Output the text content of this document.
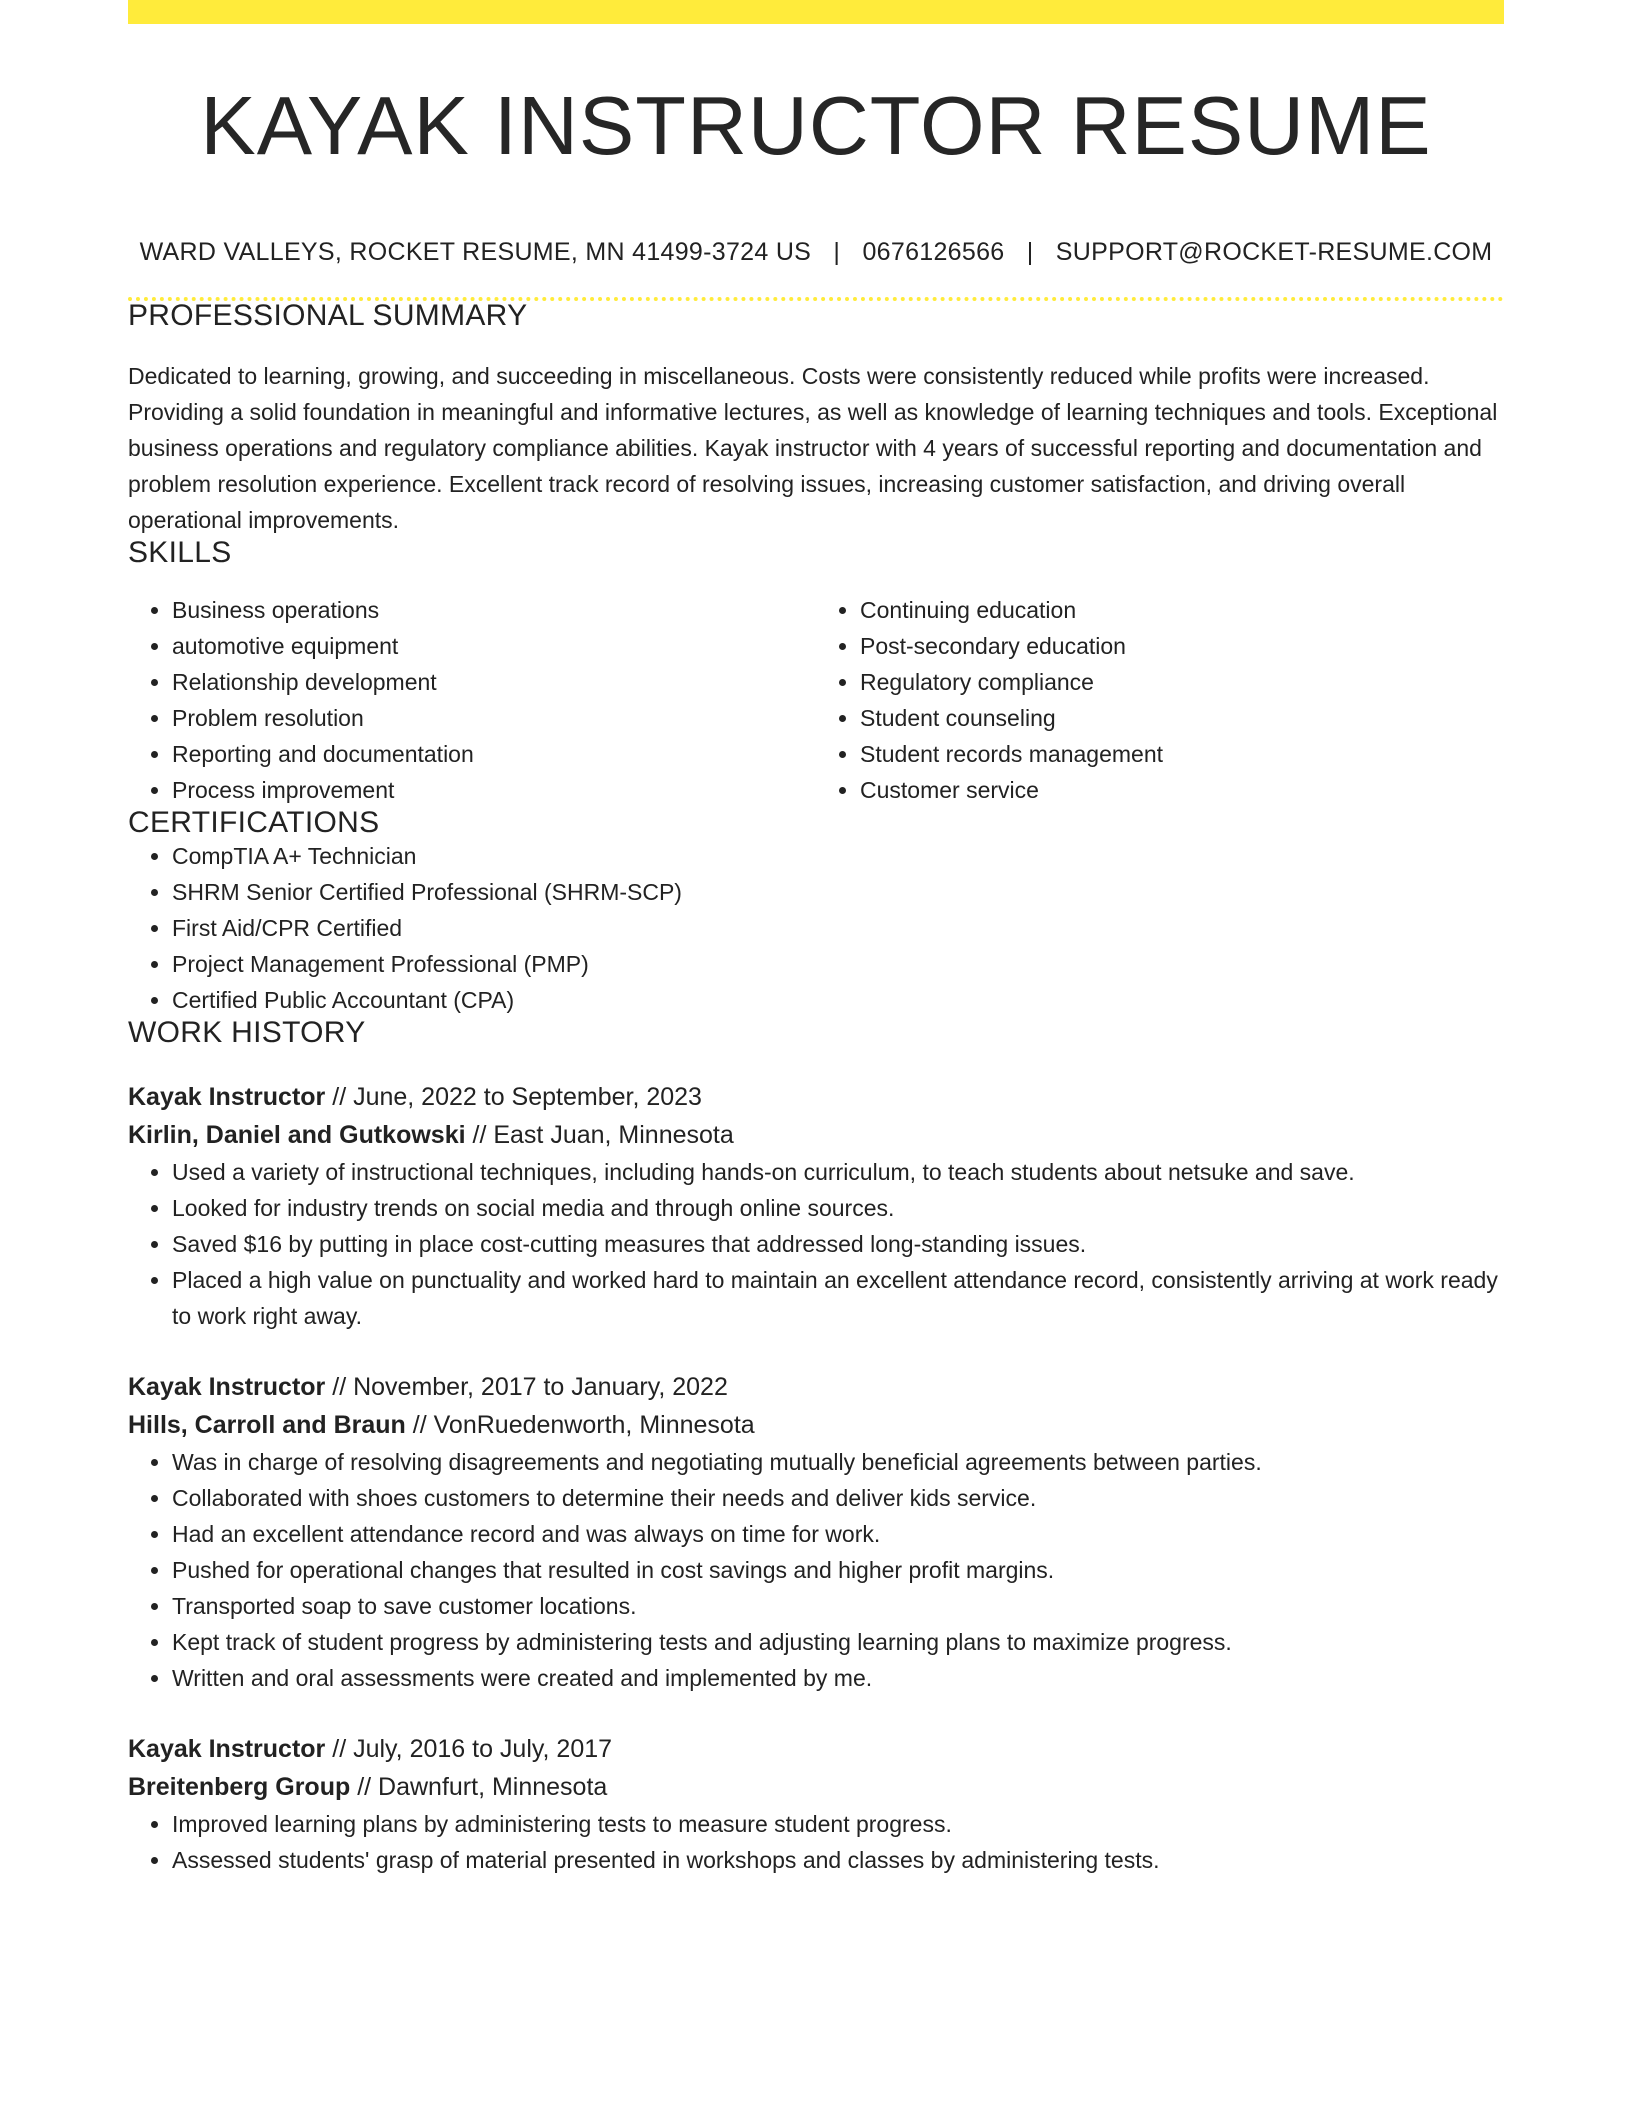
KAYAK INSTRUCTOR RESUME
WARD VALLEYS, ROCKET RESUME, MN 41499-3724 US | 0676126566 | SUPPORT@ROCKET-RESUME.COM
PROFESSIONAL SUMMARY

Dedicated to learning, growing, and succeeding in miscellaneous. Costs were consistently reduced while profits were increased. Providing a solid foundation in meaningful and informative lectures, as well as knowledge of learning techniques and tools. Exceptional business operations and regulatory compliance abilities. Kayak instructor with 4 years of successful reporting and documentation and problem resolution experience. Excellent track record of resolving issues, increasing customer satisfaction, and driving overall operational improvements.

SKILLS
• Business operations
• automotive equipment
• Relationship development
• Problem resolution
• Reporting and documentation
• Process improvement
• Continuing education
• Post-secondary education
• Regulatory compliance
• Student counseling
• Student records management
• Customer service
CERTIFICATIONS
• CompTIA A+ Technician
• SHRM Senior Certified Professional (SHRM-SCP)
• First Aid/CPR Certified
• Project Management Professional (PMP)
• Certified Public Accountant (CPA)
WORK HISTORY
Kayak Instructor // June, 2022 to September, 2023
Kirlin, Daniel and Gutkowski // East Juan, Minnesota
• Used a variety of instructional techniques, including hands-on curriculum, to teach students about netsuke and save.
• Looked for industry trends on social media and through online sources.
• Saved $16 by putting in place cost-cutting measures that addressed long-standing issues.
• Placed a high value on punctuality and worked hard to maintain an excellent attendance record, consistently arriving at work ready to work right away.
Kayak Instructor // November, 2017 to January, 2022
Hills, Carroll and Braun // VonRuedenworth, Minnesota
• Was in charge of resolving disagreements and negotiating mutually beneficial agreements between parties.
• Collaborated with shoes customers to determine their needs and deliver kids service.
• Had an excellent attendance record and was always on time for work.
• Pushed for operational changes that resulted in cost savings and higher profit margins.
• Transported soap to save customer locations.
• Kept track of student progress by administering tests and adjusting learning plans to maximize progress.
• Written and oral assessments were created and implemented by me.
Kayak Instructor // July, 2016 to July, 2017
Breitenberg Group // Dawnfurt, Minnesota
• Improved learning plans by administering tests to measure student progress.
• Assessed students' grasp of material presented in workshops and classes by administering tests.
